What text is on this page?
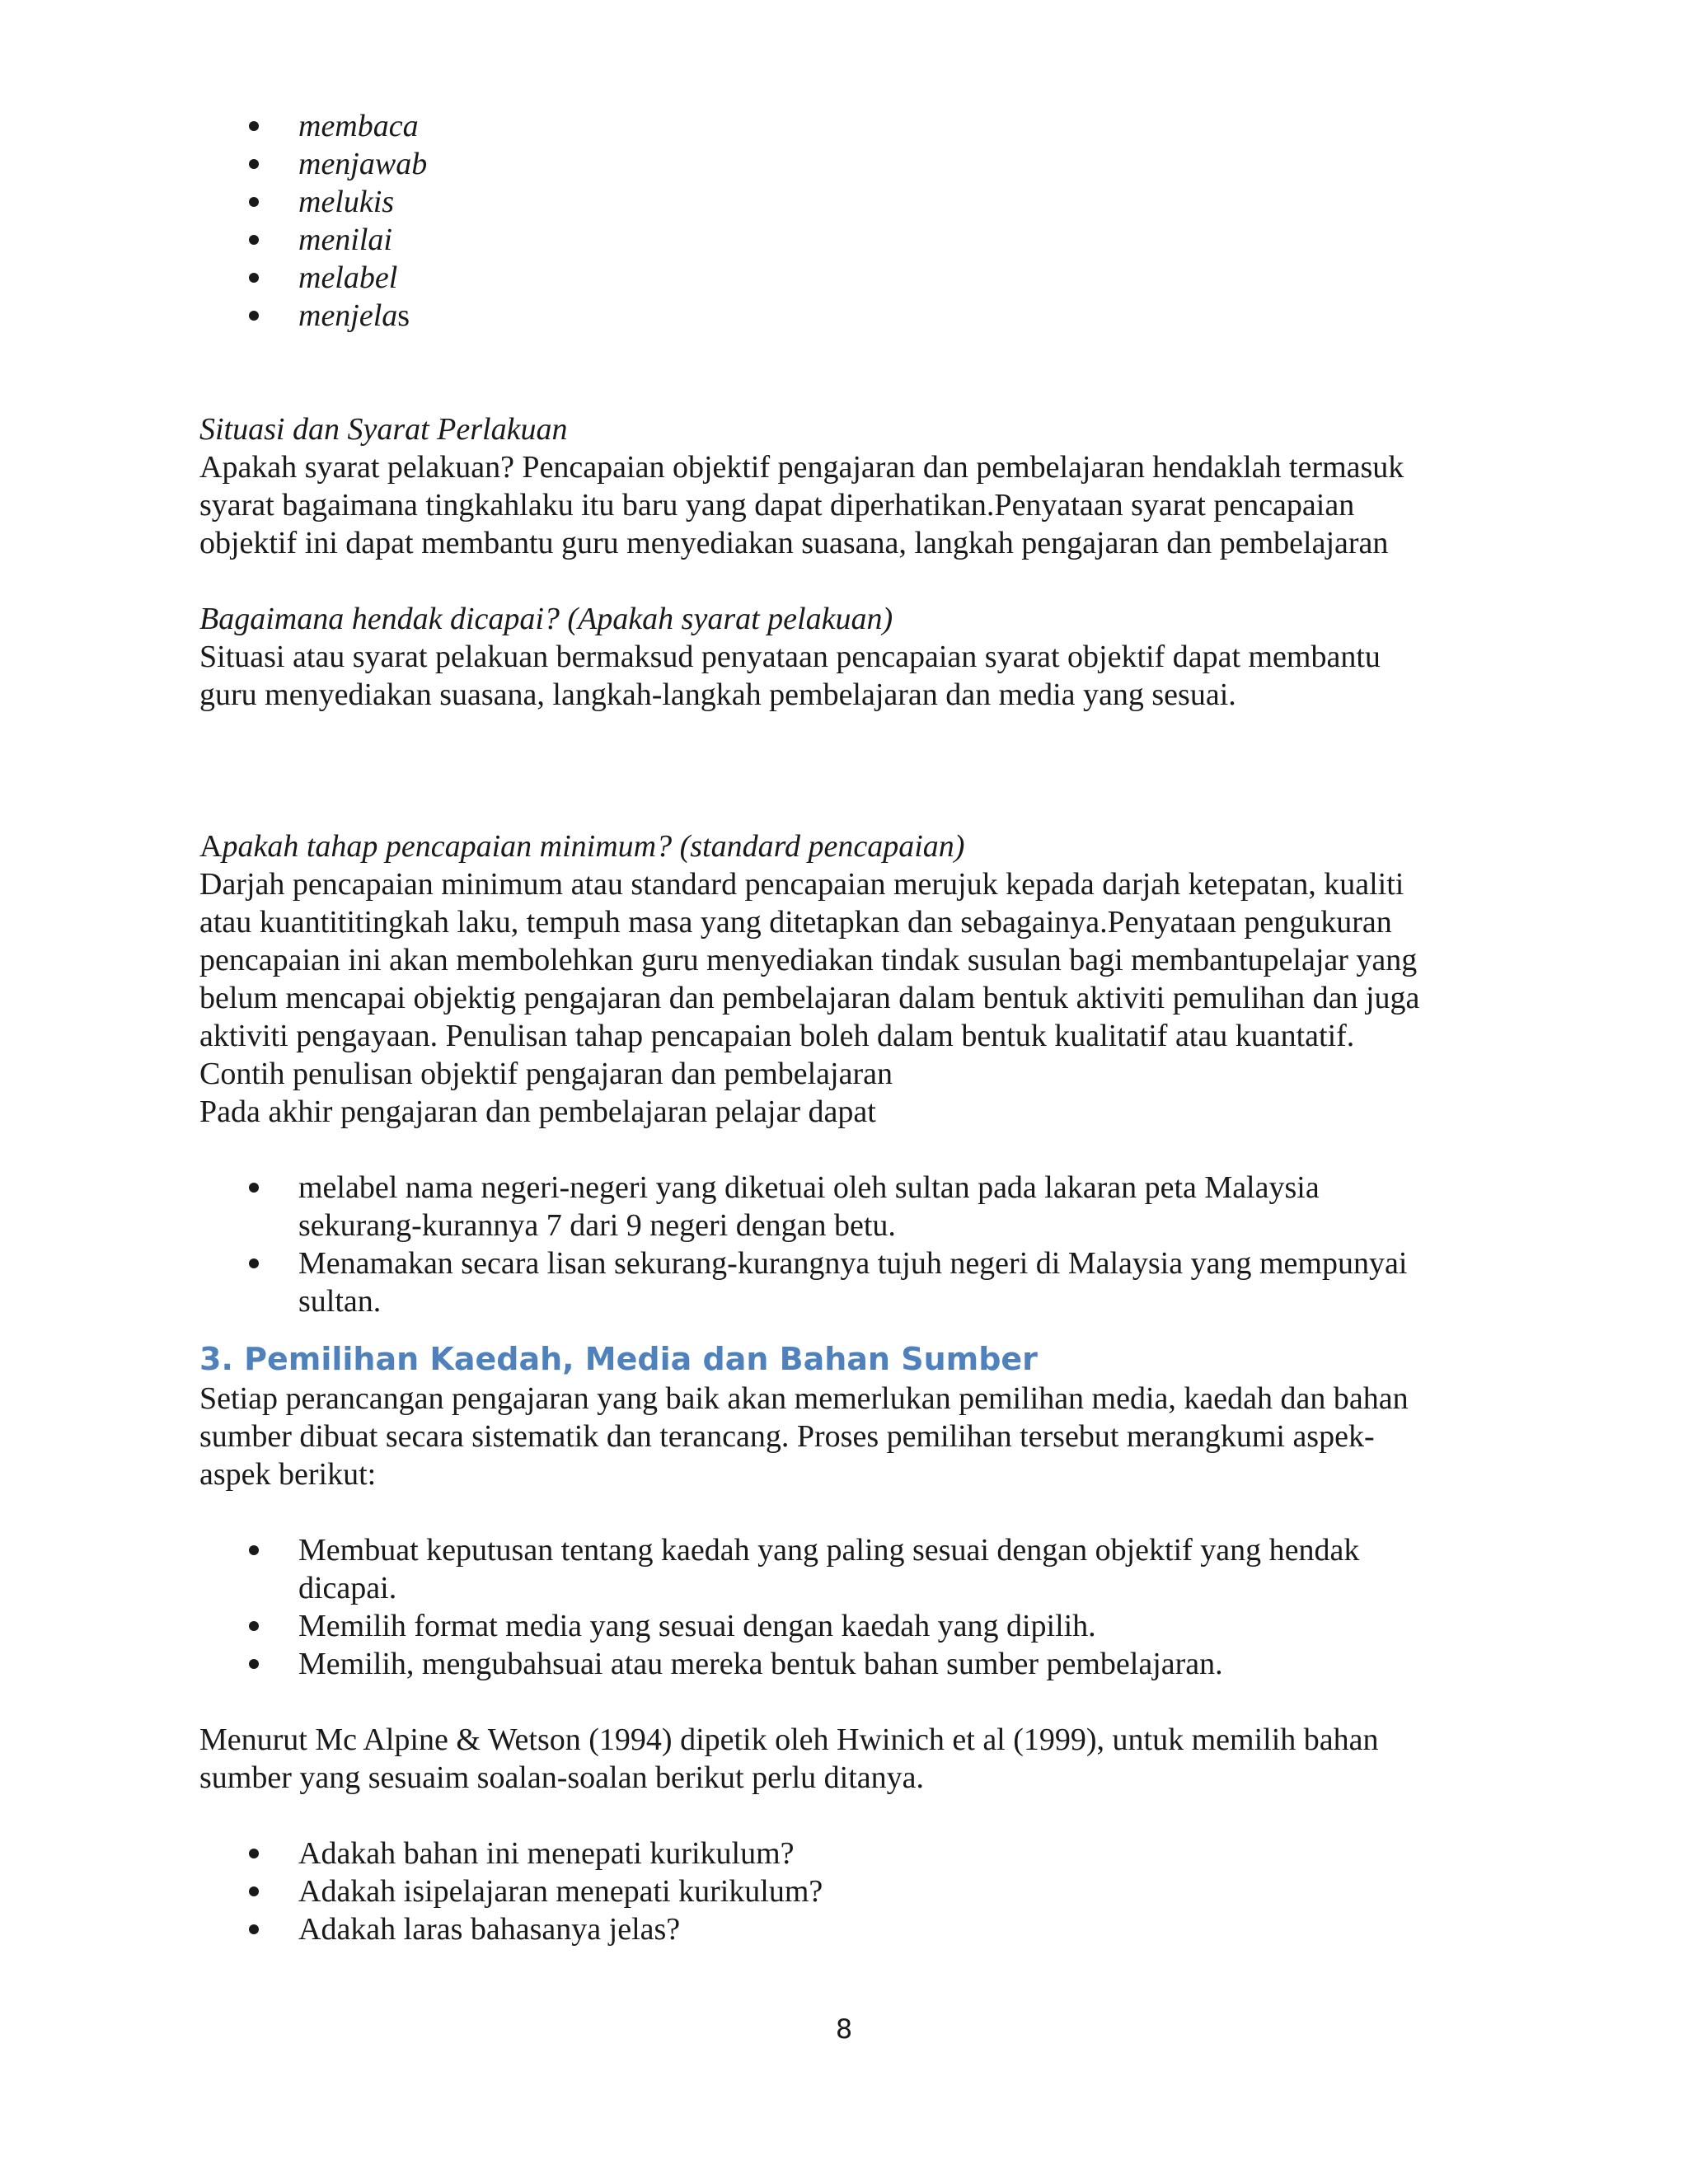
membaca
menjawab
melukis
menilai
melabel
menjelas

Situasi dan Syarat Perlakuan

Apakah syarat pelakuan? Pencapaian objektif pengajaran dan pembelajaran hendaklah termasuk

syarat bagaimana tingkahlaku itu baru yang dapat diperhatikan.Penyataan syarat pencapaian

objektif ini dapat membantu guru menyediakan suasana, langkah pengajaran dan pembelajaran

Bagaimana hendak dicapai? (Apakah syarat pelakuan)

Situasi atau syarat pelakuan bermaksud penyataan pencapaian syarat objektif dapat membantu

guru menyediakan suasana, langkah-langkah pembelajaran dan media yang sesuai.

Apakah tahap pencapaian minimum? (standard pencapaian)

Darjah pencapaian minimum atau standard pencapaian merujuk kepada darjah ketepatan, kualiti

atau kuantititingkah laku, tempuh masa yang ditetapkan dan sebagainya.Penyataan pengukuran

pencapaian ini akan membolehkan guru menyediakan tindak susulan bagi membantupelajar yang

belum mencapai objektig pengajaran dan pembelajaran dalam bentuk aktiviti pemulihan dan juga

aktiviti pengayaan. Penulisan tahap pencapaian boleh dalam bentuk kualitatif atau kuantatif.

Contih penulisan objektif pengajaran dan pembelajaran

Pada akhir pengajaran dan pembelajaran pelajar dapat

melabel nama negeri-negeri yang diketuai oleh sultan pada lakaran peta Malaysia
sekurang-kurannya 7 dari 9 negeri dengan betu.
Menamakan secara lisan sekurang-kurangnya tujuh negeri di Malaysia yang mempunyai
sultan.

3. Pemilihan Kaedah, Media dan Bahan Sumber

Setiap perancangan pengajaran yang baik akan memerlukan pemilihan media, kaedah dan bahan

sumber dibuat secara sistematik dan terancang. Proses pemilihan tersebut merangkumi aspek-

aspek berikut:

Membuat keputusan tentang kaedah yang paling sesuai dengan objektif yang hendak
dicapai.
Memilih format media yang sesuai dengan kaedah yang dipilih.
Memilih, mengubahsuai atau mereka bentuk bahan sumber pembelajaran.

Menurut Mc Alpine & Wetson (1994) dipetik oleh Hwinich et al (1999), untuk memilih bahan

sumber yang sesuaim soalan-soalan berikut perlu ditanya.

Adakah bahan ini menepati kurikulum?
Adakah isipelajaran menepati kurikulum?
Adakah laras bahasanya jelas?
8
